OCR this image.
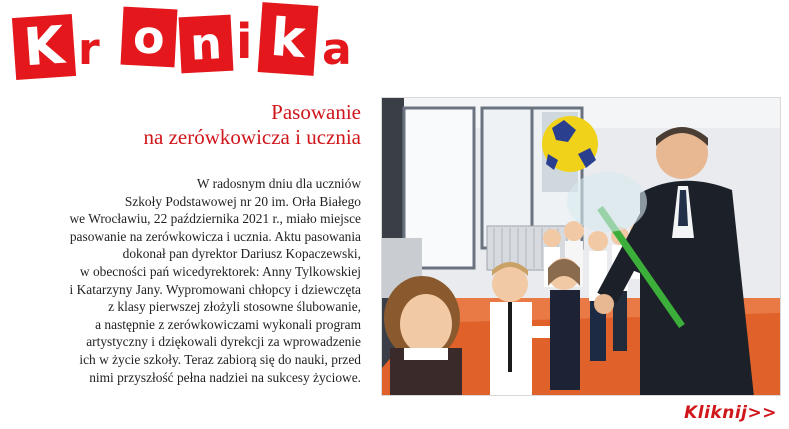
K r o n i k a
Pasowanie
na zerówkowicza i ucznia
W radosnym dniu dla uczniów
Szkoły Podstawowej nr 20 im. Orła Białego
we Wrocławiu, 22 października 2021 r., miało miejsce
pasowanie na zerówkowicza i ucznia. Aktu pasowania
dokonał pan dyrektor Dariusz Kopaczewski,
w obecności pań wicedyrektorek: Anny Tylkowskiej
i Katarzyny Jany. Wypromowani chłopcy i dziewczęta
z klasy pierwszej złożyli stosowne ślubowanie,
a następnie z zerówkowiczami wykonali program
artystyczny i dziękowali dyrekcji za wprowadzenie
ich w życie szkoły. Teraz zabiorą się do nauki, przed
nimi przyszłość pełna nadziei na sukcesy życiowe.
Kliknij>>
